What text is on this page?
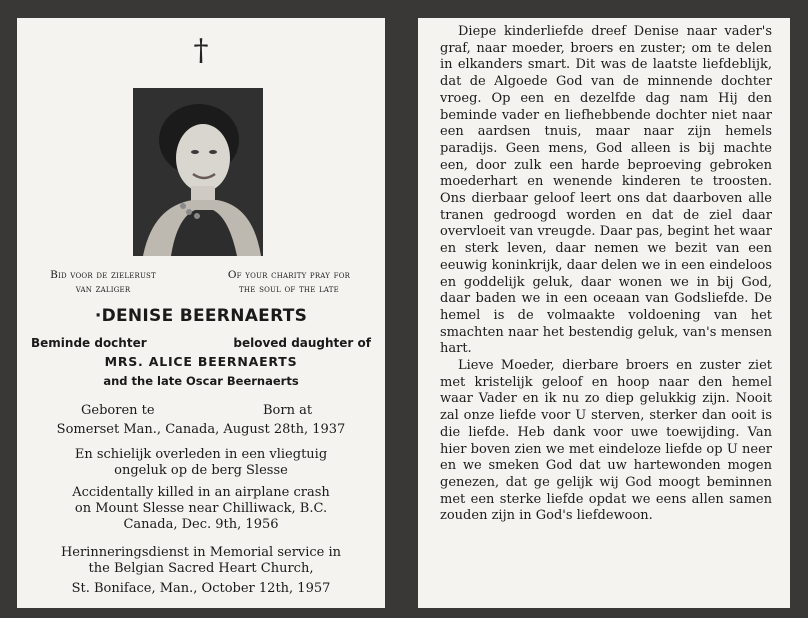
†
Bid voor de zielerust
van zaliger
Of your charity pray for
the soul of the late
·DENISE BEERNAERTS
Beminde dochter	beloved daughter of
MRS. ALICE BEERNAERTS
and the late Oscar Beernaerts
Geboren te	Born at
Somerset Man., Canada, August 28th, 1937
En schielijk overleden in een vliegtuig
ongeluk op de berg Slesse
Accidentally killed in an airplane crash
on Mount Slesse near Chilliwack, B.C.
Canada, Dec. 9th, 1956
Herinneringsdienst in Memorial service in
the Belgian Sacred Heart Church,
St. Boniface, Man., October 12th, 1957

Diepe kinderliefde dreef Denise naar vader's graf, naar moeder, broers en zuster; om te delen in elkanders smart. Dit was de laatste liefdeblijk, dat de Algoede God van de minnende dochter vroeg. Op een en dezelfde dag nam Hij den beminde vader en liefhebbende dochter niet naar een aardsen tnuis, maar naar zijn hemels paradijs. Geen mens, God alleen is bij machte een, door zulk een harde beproeving gebroken moederhart en wenende kinderen te troosten. Ons dierbaar geloof leert ons dat daarboven alle tranen gedroogd worden en dat de ziel daar overvloeit van vreugde. Daar pas, begint het waar en sterk leven, daar nemen we bezit van een eeuwig koninkrijk, daar delen we in een eindeloos en goddelijk geluk, daar wonen we in bij God, daar baden we in een oceaan van Godsliefde. De hemel is de volmaakte voldoening van het smachten naar het bestendig geluk, van's mensen hart.

Lieve Moeder, dierbare broers en zuster ziet met kristelijk geloof en hoop naar den hemel waar Vader en ik nu zo diep gelukkig zijn. Nooit zal onze liefde voor U sterven, sterker dan ooit is die liefde. Heb dank voor uwe toewijding. Van hier boven zien we met eindeloze liefde op U neer en we smeken God dat uw hartewonden mogen genezen, dat ge gelijk wij God moogt beminnen met een sterke liefde opdat we eens allen samen zouden zijn in God's liefdewoon.
